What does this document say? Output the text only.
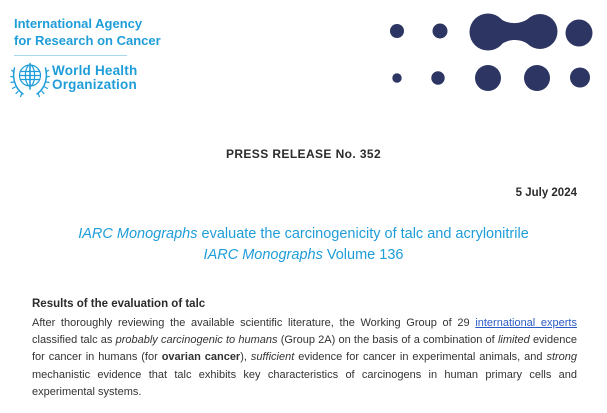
International Agency
for Research on Cancer
World Health
Organization
PRESS RELEASE No. 352
5 July 2024
IARC Monographs evaluate the carcinogenicity of talc and acrylonitrile
IARC Monographs Volume 136
Results of the evaluation of talc

After thoroughly reviewing the available scientific literature, the Working Group of 29 international experts classified talc as probably carcinogenic to humans (Group 2A) on the basis of a combination of limited evidence for cancer in humans (for ovarian cancer), sufficient evidence for cancer in experimental animals, and strong mechanistic evidence that talc exhibits key characteristics of carcinogens in human primary cells and experimental systems.
